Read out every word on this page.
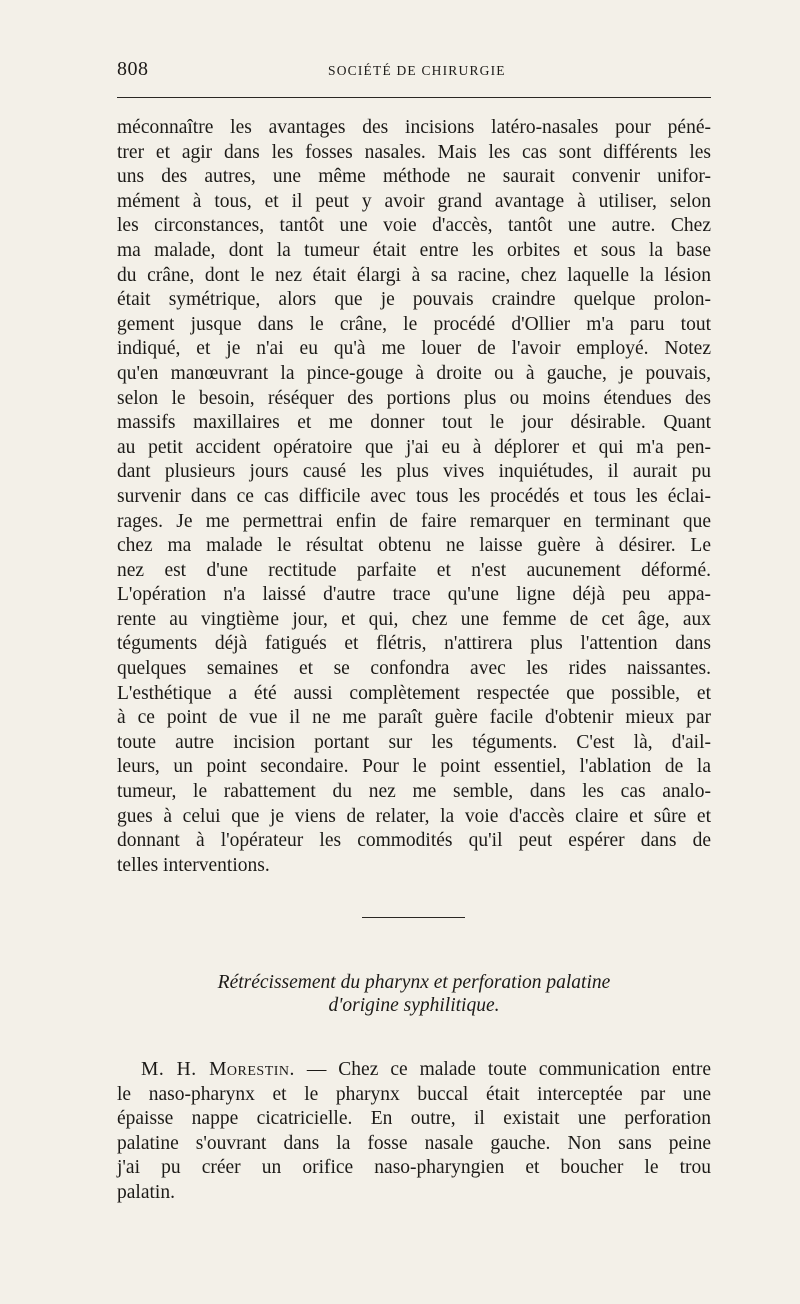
808	SOCIÉTÉ DE CHIRURGIE
méconnaître les avantages des incisions latéro-nasales pour péné-
trer et agir dans les fosses nasales. Mais les cas sont différents les
uns des autres, une même méthode ne saurait convenir unifor-
mément à tous, et il peut y avoir grand avantage à utiliser, selon
les circonstances, tantôt une voie d'accès, tantôt une autre. Chez
ma malade, dont la tumeur était entre les orbites et sous la base
du crâne, dont le nez était élargi à sa racine, chez laquelle la lésion
était symétrique, alors que je pouvais craindre quelque prolon-
gement jusque dans le crâne, le procédé d'Ollier m'a paru tout
indiqué, et je n'ai eu qu'à me louer de l'avoir employé. Notez
qu'en manœuvrant la pince-gouge à droite ou à gauche, je pouvais,
selon le besoin, réséquer des portions plus ou moins étendues des
massifs maxillaires et me donner tout le jour désirable. Quant
au petit accident opératoire que j'ai eu à déplorer et qui m'a pen-
dant plusieurs jours causé les plus vives inquiétudes, il aurait pu
survenir dans ce cas difficile avec tous les procédés et tous les éclai-
rages. Je me permettrai enfin de faire remarquer en terminant que
chez ma malade le résultat obtenu ne laisse guère à désirer. Le
nez est d'une rectitude parfaite et n'est aucunement déformé.
L'opération n'a laissé d'autre trace qu'une ligne déjà peu appa-
rente au vingtième jour, et qui, chez une femme de cet âge, aux
téguments déjà fatigués et flétris, n'attirera plus l'attention dans
quelques semaines et se confondra avec les rides naissantes.
L'esthétique a été aussi complètement respectée que possible, et
à ce point de vue il ne me paraît guère facile d'obtenir mieux par
toute autre incision portant sur les téguments. C'est là, d'ail-
leurs, un point secondaire. Pour le point essentiel, l'ablation de la
tumeur, le rabattement du nez me semble, dans les cas analo-
gues à celui que je viens de relater, la voie d'accès claire et sûre et
donnant à l'opérateur les commodités qu'il peut espérer dans de
telles interventions.
Rétrécissement du pharynx et perforation palatine
d'origine syphilitique.
M. H. Morestin. — Chez ce malade toute communication entre
le naso-pharynx et le pharynx buccal était interceptée par une
épaisse nappe cicatricielle. En outre, il existait une perforation
palatine s'ouvrant dans la fosse nasale gauche. Non sans peine
j'ai pu créer un orifice naso-pharyngien et boucher le trou
palatin.
